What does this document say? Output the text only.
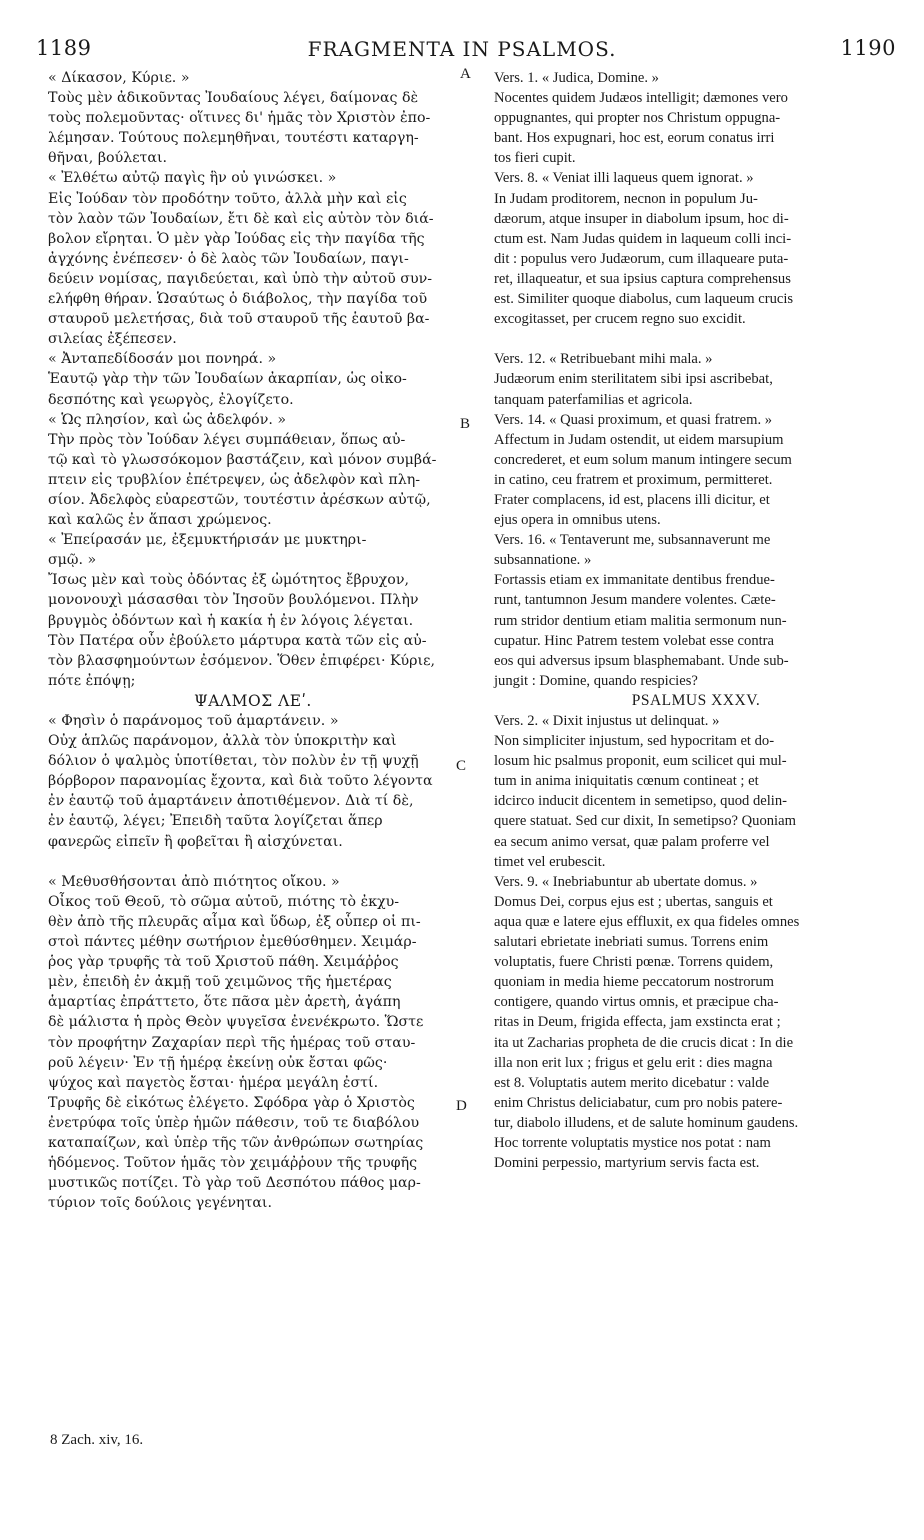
1189	FRAGMENTA IN PSALMOS.	1190
« Δίκασον, Κύριε. »
Τοὺς μὲν ἀδικοῦντας Ἰουδαίους λέγει, δαίμονας δὲ
τοὺς πολεμοῦντας· οἵτινες δι' ἡμᾶς τὸν Χριστὸν ἐπο-
λέμησαν. Τούτους πολεμηθῆναι, τουτέστι καταργη-
θῆναι, βούλεται.
« Ἐλθέτω αὐτῷ παγὶς ἣν οὐ γινώσκει. »
Εἰς Ἰούδαν τὸν προδότην τοῦτο, ἀλλὰ μὴν καὶ εἰς
τὸν λαὸν τῶν Ἰουδαίων, ἔτι δὲ καὶ εἰς αὐτὸν τὸν διά-
βολον εἴρηται. Ὁ μὲν γὰρ Ἰούδας εἰς τὴν παγίδα τῆς
ἀγχόνης ἐνέπεσεν· ὁ δὲ λαὸς τῶν Ἰουδαίων, παγι-
δεύειν νομίσας, παγιδεύεται, καὶ ὑπὸ τὴν αὐτοῦ συν-
ελήφθη θήραν. Ὡσαύτως ὁ διάβολος, τὴν παγίδα τοῦ
σταυροῦ μελετήσας, διὰ τοῦ σταυροῦ τῆς ἑαυτοῦ βα-
σιλείας ἐξέπεσεν.
« Ἀνταπεδίδοσάν μοι πονηρά. »
Ἑαυτῷ γὰρ τὴν τῶν Ἰουδαίων ἀκαρπίαν, ὡς οἰκο-
δεσπότης καὶ γεωργὸς, ἐλογίζετο.
« Ὡς πλησίον, καὶ ὡς ἀδελφόν. »
Τὴν πρὸς τὸν Ἰούδαν λέγει συμπάθειαν, ὅπως αὐ-
τῷ καὶ τὸ γλωσσόκομον βαστάζειν, καὶ μόνον συμβά-
πτειν εἰς τρυβλίον ἐπέτρεψεν, ὡς ἀδελφὸν καὶ πλη-
σίον. Ἀδελφὸς εὐαρεστῶν, τουτέστιν ἀρέσκων αὐτῷ,
καὶ καλῶς ἐν ἅπασι χρώμενος.
« Ἐπείρασάν με, ἐξεμυκτήρισάν με μυκτηρι-
σμῷ. »
Ἴσως μὲν καὶ τοὺς ὀδόντας ἐξ ὠμότητος ἔβρυχον,
μονονουχὶ μάσασθαι τὸν Ἰησοῦν βουλόμενοι. Πλὴν
βρυγμὸς ὀδόντων καὶ ἡ κακία ἡ ἐν λόγοις λέγεται.
Τὸν Πατέρα οὖν ἐβούλετο μάρτυρα κατὰ τῶν εἰς αὐ-
τὸν βλασφημούντων ἐσόμενον. Ὅθεν ἐπιφέρει· Κύριε,
πότε ἐπόψῃ;
ΨΑΛΜΟΣ ΛΕʹ.
« Φησὶν ὁ παράνομος τοῦ ἁμαρτάνειν. »
Οὐχ ἁπλῶς παράνομον, ἀλλὰ τὸν ὑποκριτὴν καὶ
δόλιον ὁ ψαλμὸς ὑποτίθεται, τὸν πολὺν ἐν τῇ ψυχῇ
βόρβορον παρανομίας ἔχοντα, καὶ διὰ τοῦτο λέγοντα
ἐν ἑαυτῷ τοῦ ἁμαρτάνειν ἀποτιθέμενον. Διὰ τί δὲ,
ἐν ἑαυτῷ, λέγει; Ἐπειδὴ ταῦτα λογίζεται ἅπερ
φανερῶς εἰπεῖν ἢ φοβεῖται ἢ αἰσχύνεται.
« Μεθυσθήσονται ἀπὸ πιότητος οἴκου. »
Οἶκος τοῦ Θεοῦ, τὸ σῶμα αὐτοῦ, πιότης τὸ ἐκχυ-
θὲν ἀπὸ τῆς πλευρᾶς αἷμα καὶ ὕδωρ, ἐξ οὗπερ οἱ πι-
στοὶ πάντες μέθην σωτήριον ἐμεθύσθημεν. Χειμάρ-
ῥος γὰρ τρυφῆς τὰ τοῦ Χριστοῦ πάθη. Χειμάῤῥος
μὲν, ἐπειδὴ ἐν ἀκμῇ τοῦ χειμῶνος τῆς ἡμετέρας
ἁμαρτίας ἐπράττετο, ὅτε πᾶσα μὲν ἀρετὴ, ἀγάπη
δὲ μάλιστα ἡ πρὸς Θεὸν ψυγεῖσα ἐνενέκρωτο. Ὥστε
τὸν προφήτην Ζαχαρίαν περὶ τῆς ἡμέρας τοῦ σταυ-
ροῦ λέγειν· Ἐν τῇ ἡμέρᾳ ἐκείνῃ οὐκ ἔσται φῶς·
ψύχος καὶ παγετὸς ἔσται· ἡμέρα μεγάλη ἐστί.
Τρυφῆς δὲ εἰκότως ἐλέγετο. Σφόδρα γὰρ ὁ Χριστὸς
ἐνετρύφα τοῖς ὑπὲρ ἡμῶν πάθεσιν, τοῦ τε διαβόλου
καταπαίζων, καὶ ὑπὲρ τῆς τῶν ἀνθρώπων σωτηρίας
ἡδόμενος. Τοῦτον ἡμᾶς τὸν χειμάῤῥουν τῆς τρυφῆς
μυστικῶς ποτίζει. Τὸ γὰρ τοῦ Δεσπότου πάθος μαρ-
τύριον τοῖς δούλοις γεγένηται.
Vers. 1. « Judica, Domine. »
Nocentes quidem Judæos intelligit; dæmones vero
oppugnantes, qui propter nos Christum oppugna-
bant. Hos expugnari, hoc est, eorum conatus irri
tos fieri cupit.
Vers. 8. « Veniat illi laqueus quem ignorat. »
In Judam proditorem, necnon in populum Ju-
dæorum, atque insuper in diabolum ipsum, hoc di-
ctum est. Nam Judas quidem in laqueum colli inci-
dit : populus vero Judæorum, cum illaqueare puta-
ret, illaqueatur, et sua ipsius captura comprehensus
est. Similiter quoque diabolus, cum laqueum crucis
excogitasset, per crucem regno suo excidit.
Vers. 12. « Retribuebant mihi mala. »
Judæorum enim sterilitatem sibi ipsi ascribebat,
tanquam paterfamilias et agricola.
Vers. 14. « Quasi proximum, et quasi fratrem. »
Affectum in Judam ostendit, ut eidem marsupium
concrederet, et eum solum manum intingere secum
in catino, ceu fratrem et proximum, permitteret.
Frater complacens, id est, placens illi dicitur, et
ejus opera in omnibus utens.
Vers. 16. « Tentaverunt me, subsannaverunt me
subsannatione. »
Fortassis etiam ex immanitate dentibus frendue-
runt, tantumnon Jesum mandere volentes. Cæte-
rum stridor dentium etiam malitia sermonum nun-
cupatur. Hinc Patrem testem volebat esse contra
eos qui adversus ipsum blasphemabant. Unde sub-
jungit : Domine, quando respicies?
PSALMUS XXXV.
Vers. 2. « Dixit injustus ut delinquat. »
Non simpliciter injustum, sed hypocritam et do-
losum hic psalmus proponit, eum scilicet qui mul-
tum in anima iniquitatis cœnum contineat ; et
idcirco inducit dicentem in semetipso, quod delin-
quere statuat. Sed cur dixit, In semetipso? Quoniam
ea secum animo versat, quæ palam proferre vel
timet vel erubescit.
Vers. 9. « Inebriabuntur ab ubertate domus. »
Domus Dei, corpus ejus est ; ubertas, sanguis et
aqua quæ e latere ejus effluxit, ex qua fideles omnes
salutari ebrietate inebriati sumus. Torrens enim
voluptatis, fuere Christi pœnæ. Torrens quidem,
quoniam in media hieme peccatorum nostrorum
contigere, quando virtus omnis, et præcipue cha-
ritas in Deum, frigida effecta, jam exstincta erat ;
ita ut Zacharias propheta de die crucis dicat : In die
illa non erit lux ; frigus et gelu erit : dies magna
est 8. Voluptatis autem merito dicebatur : valde
enim Christus deliciabatur, cum pro nobis paterе-
tur, diabolo illudens, et de salute hominum gaudens.
Hoc torrente voluptatis mystice nos potat : nam
Domini perpessio, martyrium servis facta est.
A
B
C
D
8 Zach. xiv, 16.
